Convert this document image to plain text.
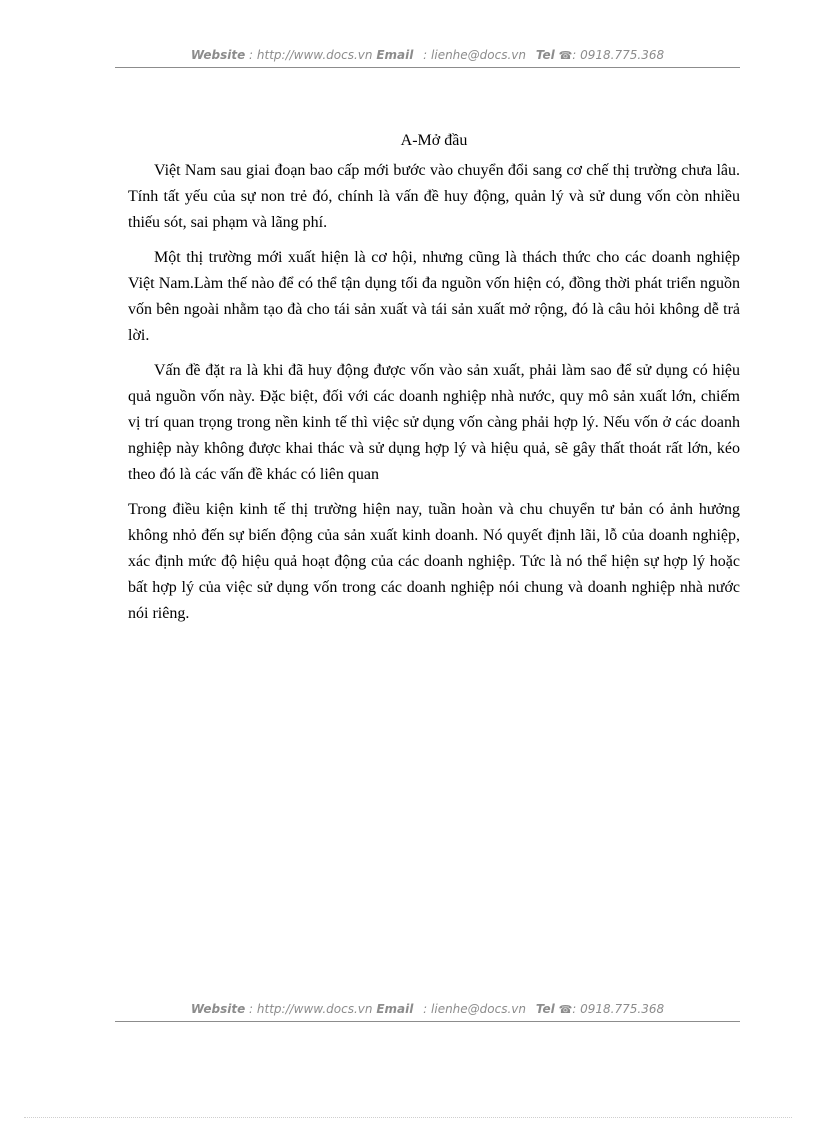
Website : http://www.docs.vn Email : lienhe@docs.vn Tel ☎: 0918.775.368
A-Mở đầu

Việt Nam sau giai đoạn bao cấp mới bước vào chuyển đổi sang cơ chế thị trường chưa lâu. Tính tất yếu của sự non trẻ đó, chính là vấn đề huy động, quản lý và sử dung vốn còn nhiều thiếu sót, sai phạm và lãng phí.

Một thị trường mới xuất hiện là cơ hội, nhưng cũng là thách thức cho các doanh nghiệp Việt Nam.Làm thế nào để có thể tận dụng tối đa nguồn vốn hiện có, đồng thời phát triển nguồn vốn bên ngoài nhằm tạo đà cho tái sản xuất và tái sản xuất mở rộng, đó là câu hỏi không dễ trả lời.

Vấn đề đặt ra là khi đã huy động được vốn vào sản xuất, phải làm sao để sử dụng có hiệu quả nguồn vốn này. Đặc biệt, đối với các doanh nghiệp nhà nước, quy mô sản xuất lớn, chiếm vị trí quan trọng trong nền kinh tế thì việc sử dụng vốn càng phải hợp lý. Nếu vốn ở các doanh nghiệp này không được khai thác và sử dụng hợp lý và hiệu quả, sẽ gây thất thoát rất lớn, kéo theo đó là các vấn đề khác có liên quan

Trong điều kiện kinh tế thị trường hiện nay, tuần hoàn và chu chuyển tư bản có ảnh hưởng không nhỏ đến sự biến động của sản xuất kinh doanh. Nó quyết định lãi, lỗ của doanh nghiệp, xác định mức độ hiệu quả hoạt động của các doanh nghiệp. Tức là nó thể hiện sự hợp lý hoặc bất hợp lý của việc sử dụng vốn trong các doanh nghiệp nói chung và doanh nghiệp nhà nước nói riêng.

Website : http://www.docs.vn Email : lienhe@docs.vn Tel ☎: 0918.775.368
